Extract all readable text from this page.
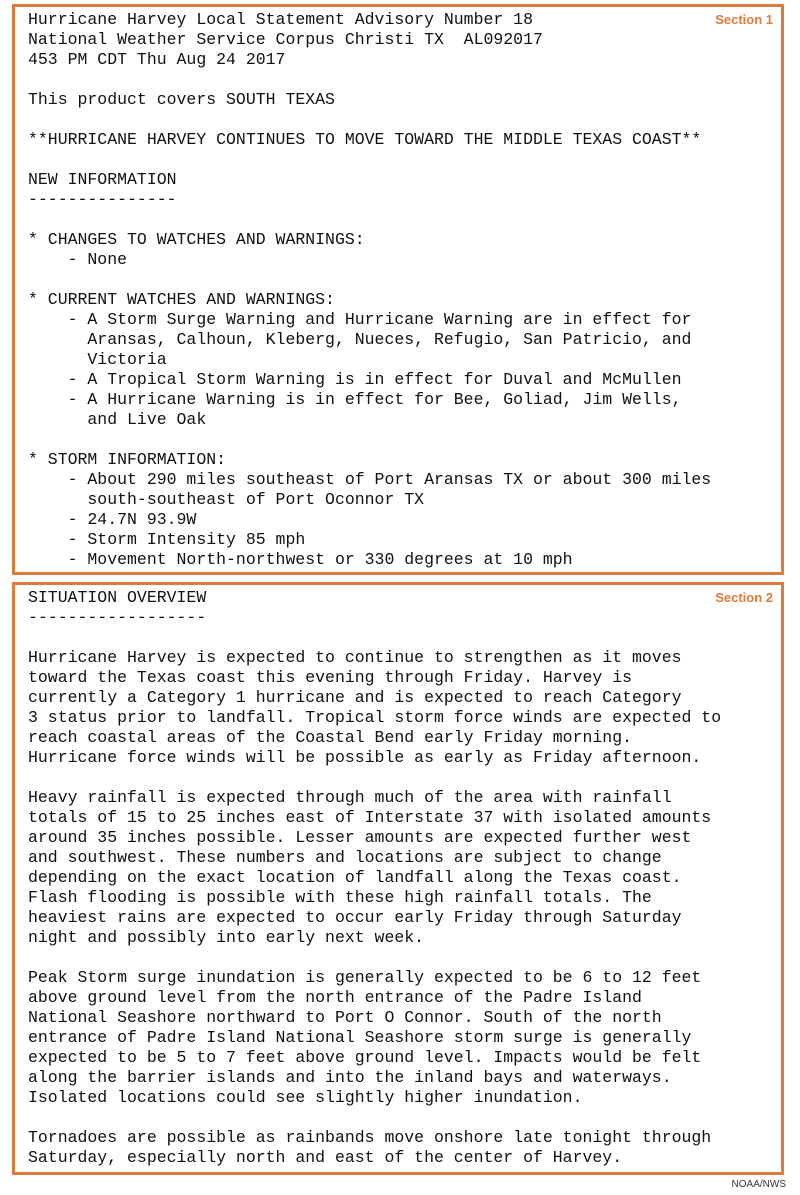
Section 1
Hurricane Harvey Local Statement Advisory Number 18
National Weather Service Corpus Christi TX  AL092017
453 PM CDT Thu Aug 24 2017
This product covers SOUTH TEXAS
**HURRICANE HARVEY CONTINUES TO MOVE TOWARD THE MIDDLE TEXAS COAST**
NEW INFORMATION
---------------
* CHANGES TO WATCHES AND WARNINGS:
- None
* CURRENT WATCHES AND WARNINGS:
- A Storm Surge Warning and Hurricane Warning are in effect for
Aransas, Calhoun, Kleberg, Nueces, Refugio, San Patricio, and
Victoria
- A Tropical Storm Warning is in effect for Duval and McMullen
- A Hurricane Warning is in effect for Bee, Goliad, Jim Wells,
and Live Oak
* STORM INFORMATION:
- About 290 miles southeast of Port Aransas TX or about 300 miles
south-southeast of Port Oconnor TX
- 24.7N 93.9W
- Storm Intensity 85 mph
- Movement North-northwest or 330 degrees at 10 mph
Section 2
SITUATION OVERVIEW
------------------
Hurricane Harvey is expected to continue to strengthen as it moves
toward the Texas coast this evening through Friday. Harvey is
currently a Category 1 hurricane and is expected to reach Category
3 status prior to landfall. Tropical storm force winds are expected to
reach coastal areas of the Coastal Bend early Friday morning.
Hurricane force winds will be possible as early as Friday afternoon.
Heavy rainfall is expected through much of the area with rainfall
totals of 15 to 25 inches east of Interstate 37 with isolated amounts
around 35 inches possible. Lesser amounts are expected further west
and southwest. These numbers and locations are subject to change
depending on the exact location of landfall along the Texas coast.
Flash flooding is possible with these high rainfall totals. The
heaviest rains are expected to occur early Friday through Saturday
night and possibly into early next week.
Peak Storm surge inundation is generally expected to be 6 to 12 feet
above ground level from the north entrance of the Padre Island
National Seashore northward to Port O Connor. South of the north
entrance of Padre Island National Seashore storm surge is generally
expected to be 5 to 7 feet above ground level. Impacts would be felt
along the barrier islands and into the inland bays and waterways.
Isolated locations could see slightly higher inundation.
Tornadoes are possible as rainbands move onshore late tonight through
Saturday, especially north and east of the center of Harvey.
NOAA/NWS
